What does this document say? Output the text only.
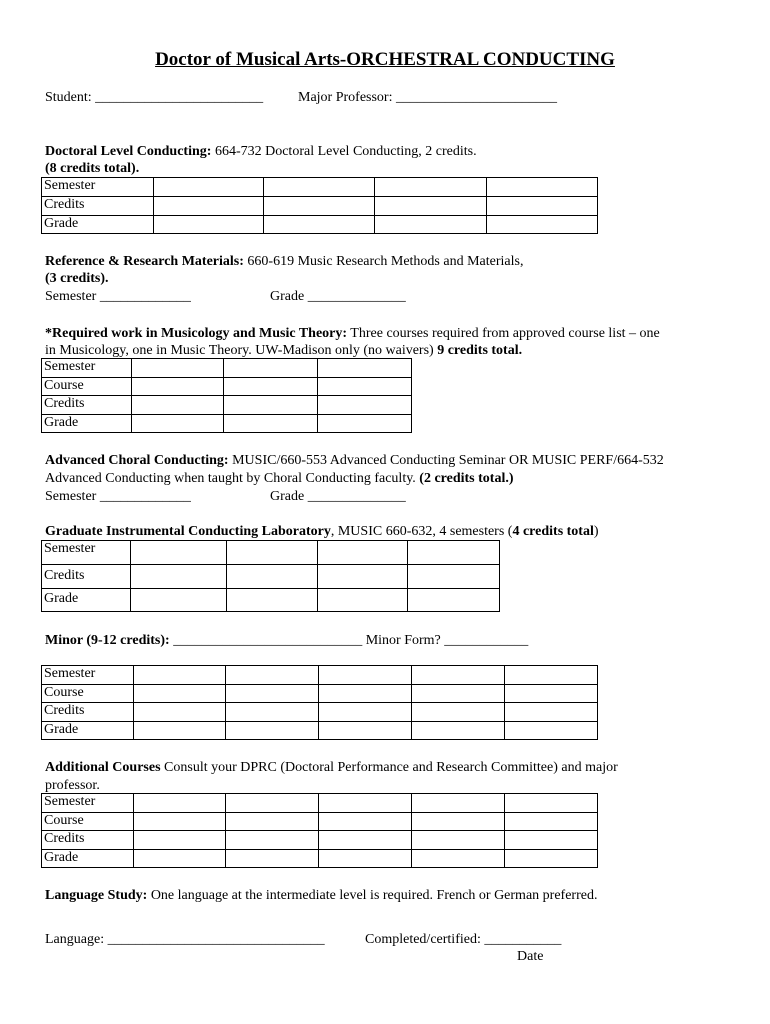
Doctor of Musical Arts-ORCHESTRAL CONDUCTING
Student: ________________________ Major Professor: _______________________
Doctoral Level Conducting: 664-732 Doctoral Level Conducting, 2 credits.
(8 credits total).
Semester				
Credits				
Grade				
Reference & Research Materials: 660-619 Music Research Methods and Materials,
(3 credits).
Semester _____________	Grade ______________
*Required work in Musicology and Music Theory: Three courses required from approved course list – one
in Musicology, one in Music Theory. UW-Madison only (no waivers) 9 credits total.
Semester			
Course			
Credits			
Grade			
Advanced Choral Conducting: MUSIC/660-553 Advanced Conducting Seminar OR MUSIC PERF/664-532
Advanced Conducting when taught by Choral Conducting faculty. (2 credits total.)
Semester _____________	Grade ______________
Graduate Instrumental Conducting Laboratory, MUSIC 660-632, 4 semesters (4 credits total)
Semester				
Credits				
Grade				
Minor (9-12 credits): ___________________________ Minor Form? ____________
Semester					
Course					
Credits					
Grade					
Additional Courses Consult your DPRC (Doctoral Performance and Research Committee) and major
professor.
Semester					
Course					
Credits					
Grade					
Language Study: One language at the intermediate level is required. French or German preferred.
Language: _______________________________	Completed/certified: ___________
Date
